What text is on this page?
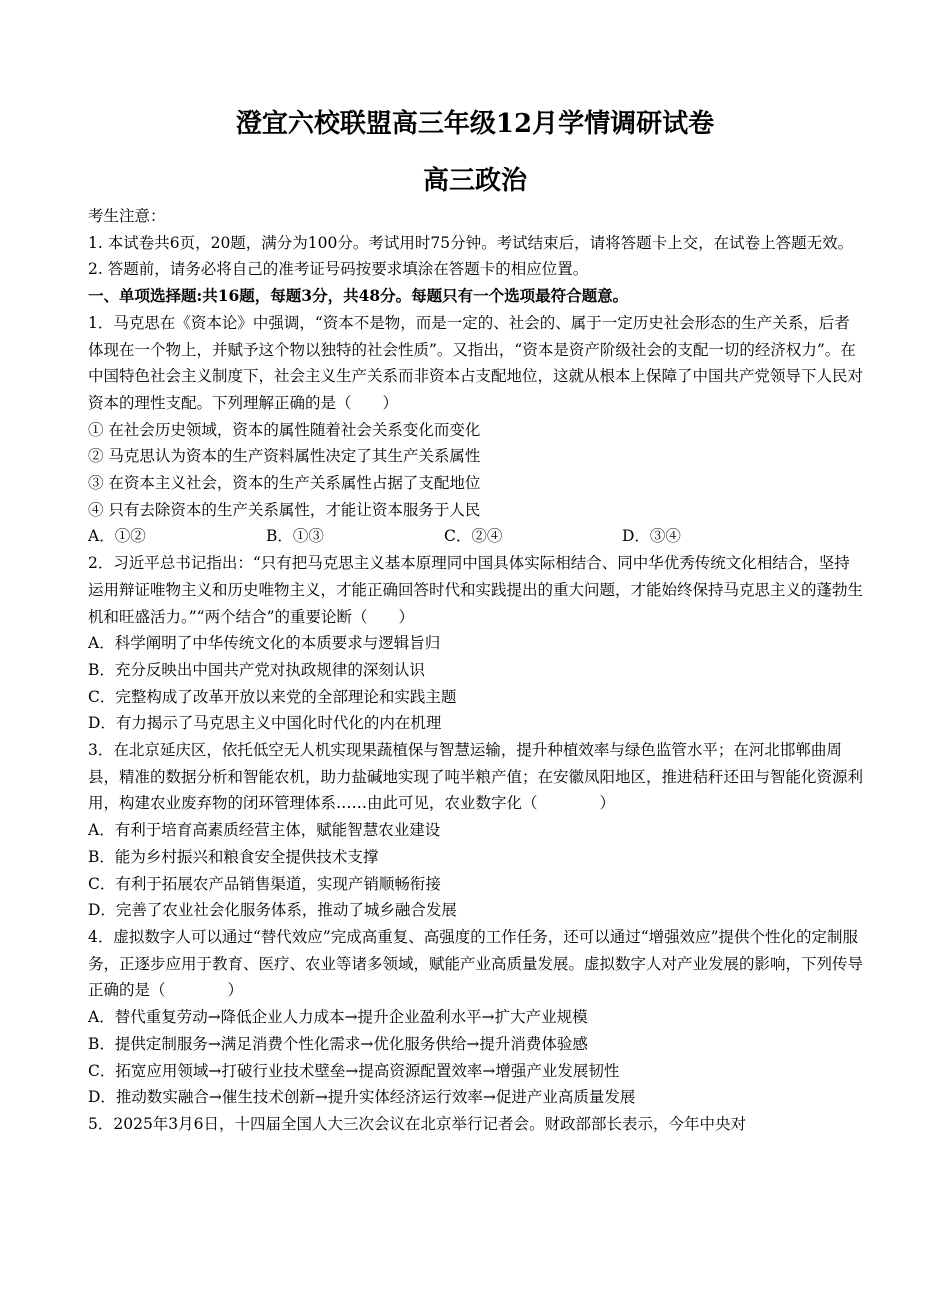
澄宜六校联盟高三年级12月学情调研试卷
高三政治

考生注意：

1. 本试卷共6页，20题，满分为100分。考试用时75分钟。考试结束后，请将答题卡上交，在试卷上答题无效。

2. 答题前，请务必将自己的准考证号码按要求填涂在答题卡的相应位置。

一、单项选择题:共16题，每题3分，共48分。每题只有一个选项最符合题意。

1．马克思在《资本论》中强调，“资本不是物，而是一定的、社会的、属于一定历史社会形态的生产关系，后者体现在一个物上，并赋予这个物以独特的社会性质”。又指出，“资本是资产阶级社会的支配一切的经济权力”。在中国特色社会主义制度下，社会主义生产关系而非资本占支配地位，这就从根本上保障了中国共产党领导下人民对资本的理性支配。下列理解正确的是（　　）

① 在社会历史领域，资本的属性随着社会关系变化而变化

② 马克思认为资本的生产资料属性决定了其生产关系属性

③ 在资本主义社会，资本的生产关系属性占据了支配地位

④ 只有去除资本的生产关系属性，才能让资本服务于人民

A．①②	B．①③	C．②④	D．③④

2．习近平总书记指出：“只有把马克思主义基本原理同中国具体实际相结合、同中华优秀传统文化相结合，坚持运用辩证唯物主义和历史唯物主义，才能正确回答时代和实践提出的重大问题，才能始终保持马克思主义的蓬勃生机和旺盛活力。”“两个结合”的重要论断（　　）

A．科学阐明了中华传统文化的本质要求与逻辑旨归

B．充分反映出中国共产党对执政规律的深刻认识

C．完整构成了改革开放以来党的全部理论和实践主题

D．有力揭示了马克思主义中国化时代化的内在机理

3．在北京延庆区，依托低空无人机实现果蔬植保与智慧运输，提升种植效率与绿色监管水平；在河北邯郸曲周县，精准的数据分析和智能农机，助力盐碱地实现了吨半粮产值；在安徽凤阳地区，推进秸秆还田与智能化资源利用，构建农业废弃物的闭环管理体系……由此可见，农业数字化（　　　　）

A．有利于培育高素质经营主体，赋能智慧农业建设

B．能为乡村振兴和粮食安全提供技术支撑

C．有利于拓展农产品销售渠道，实现产销顺畅衔接

D．完善了农业社会化服务体系，推动了城乡融合发展

4．虚拟数字人可以通过“替代效应”完成高重复、高强度的工作任务，还可以通过“增强效应”提供个性化的定制服务，正逐步应用于教育、医疗、农业等诸多领域，赋能产业高质量发展。虚拟数字人对产业发展的影响，下列传导正确的是（　　　　）

A．替代重复劳动→降低企业人力成本→提升企业盈利水平→扩大产业规模

B．提供定制服务→满足消费个性化需求→优化服务供给→提升消费体验感

C．拓宽应用领域→打破行业技术壁垒→提高资源配置效率→增强产业发展韧性

D．推动数实融合→催生技术创新→提升实体经济运行效率→促进产业高质量发展

5．2025年3月6日，十四届全国人大三次会议在北京举行记者会。财政部部长表示，今年中央对
